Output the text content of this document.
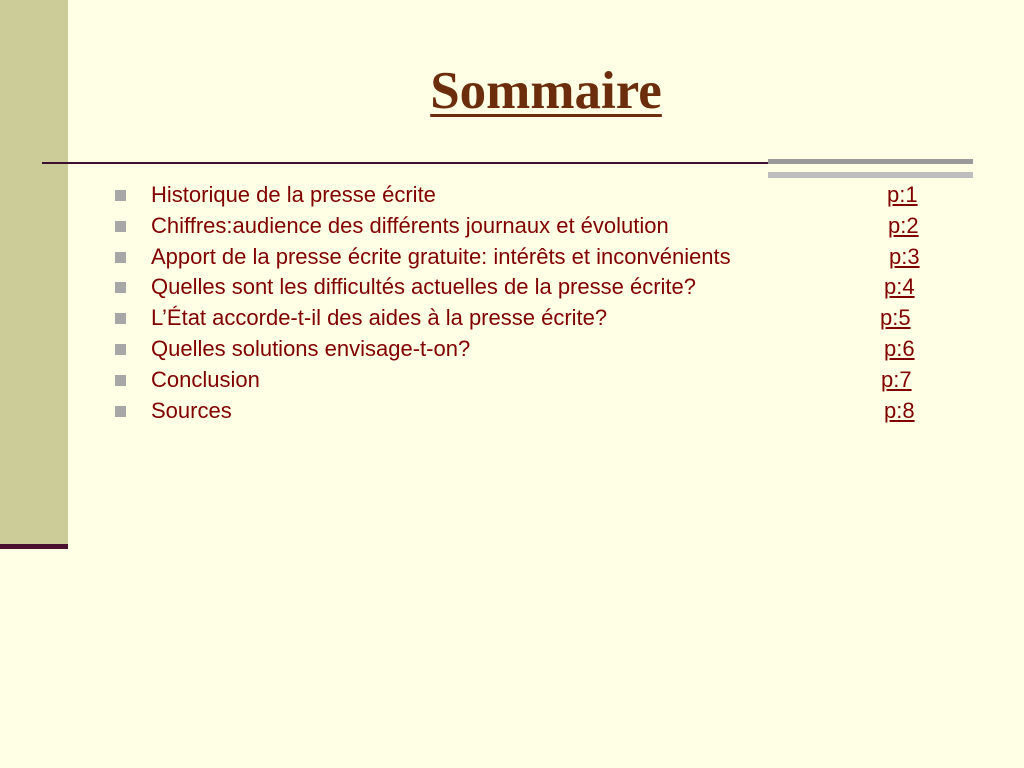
Sommaire
Historique de la presse écrite	p:1
Chiffres:audience des différents journaux et évolution	p:2
Apport de la presse écrite gratuite: intérêts et inconvénients	p:3
Quelles sont les difficultés actuelles de la presse écrite?	p:4
L’État accorde-t-il des aides à la presse écrite?	p:5
Quelles solutions envisage-t-on?	p:6
Conclusion	p:7
Sources	p:8
